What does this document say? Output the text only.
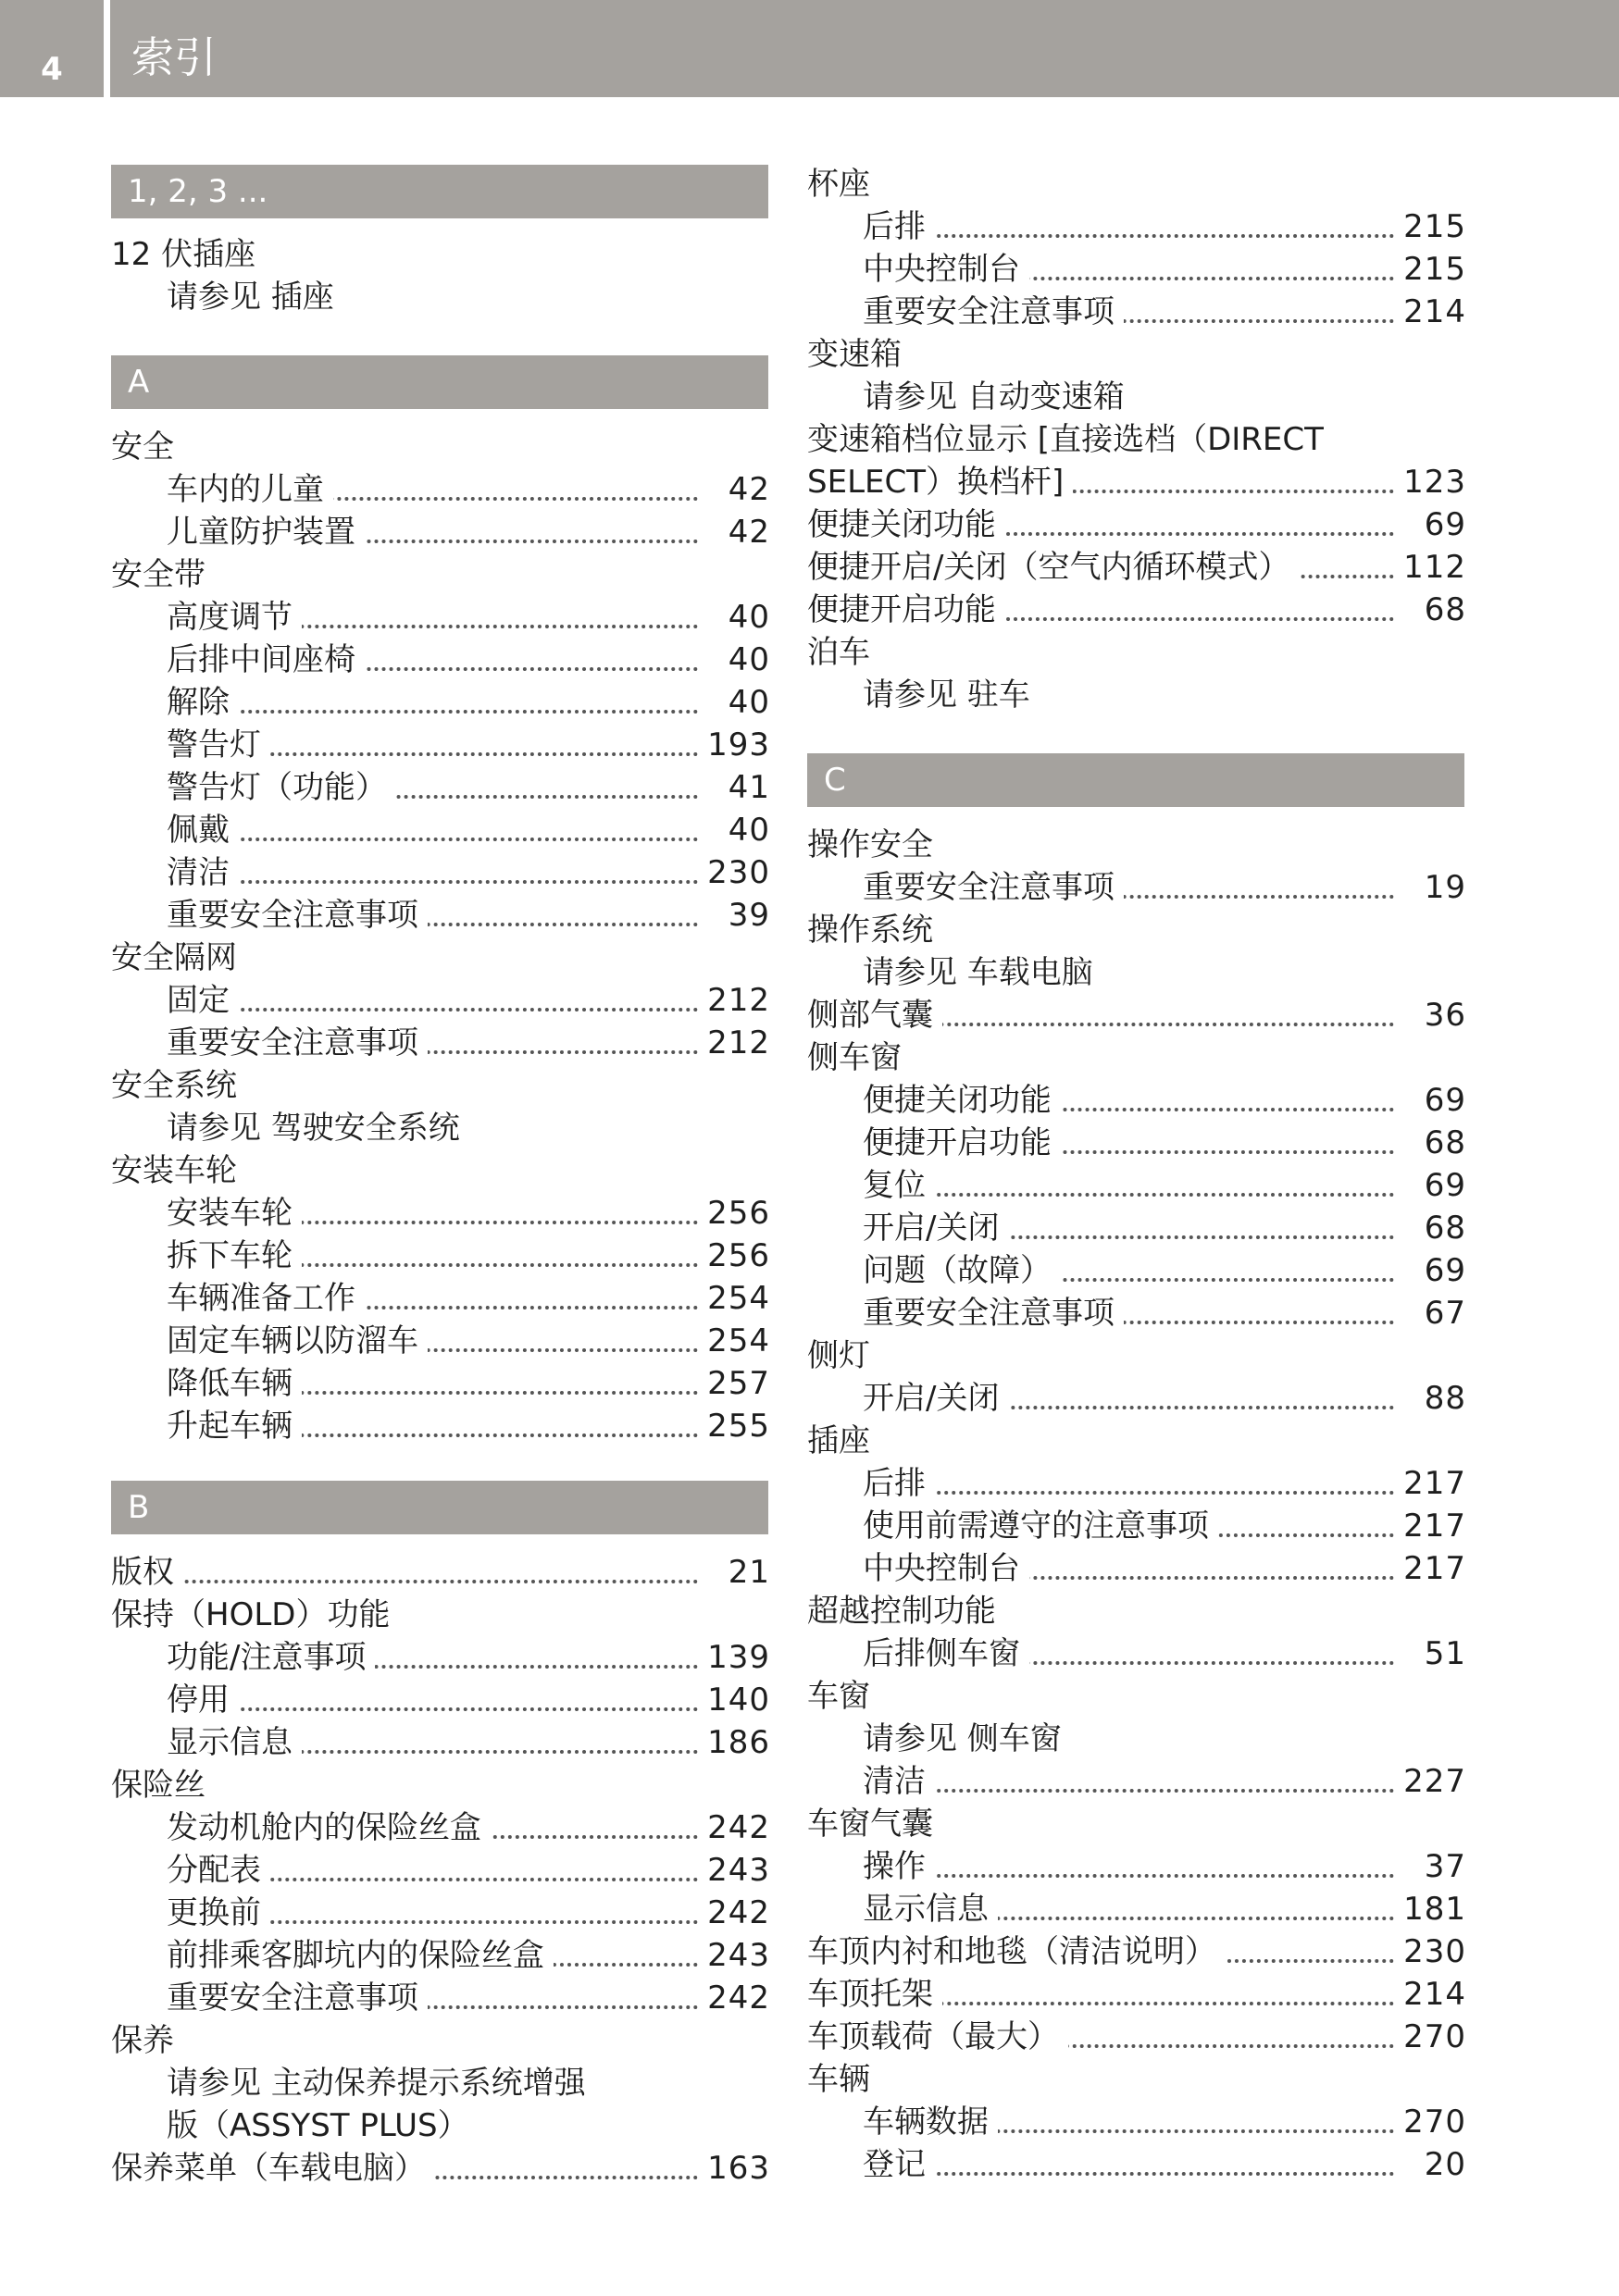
4	索引
1, 2, 3 ...
12 伏插座
请参见 插座
A
安全
42
车内的儿童
42
儿童防护装置
安全带
40
高度调节
40
后排中间座椅
40
解除
193
警告灯
41
警告灯（功能）
40
佩戴
230
清洁
39
重要安全注意事项
安全隔网
212
固定
212
重要安全注意事项
安全系统
请参见 驾驶安全系统
安装车轮
256
安装车轮
256
拆下车轮
254
车辆准备工作
254
固定车辆以防溜车
257
降低车辆
255
升起车辆
B
21
版权
保持（HOLD）功能
139
功能/注意事项
140
停用
186
显示信息
保险丝
242
发动机舱内的保险丝盒
243
分配表
242
更换前
243
前排乘客脚坑内的保险丝盒
242
重要安全注意事项
保养
请参见 主动保养提示系统增强
版（ASSYST PLUS）
163
保养菜单（车载电脑）
杯座
215
后排
215
中央控制台
214
重要安全注意事项
变速箱
请参见 自动变速箱
变速箱档位显示 [直接选档（DIRECT
123
SELECT）换档杆]
69
便捷关闭功能
112
便捷开启/关闭（空气内循环模式）
68
便捷开启功能
泊车
请参见 驻车
C
操作安全
19
重要安全注意事项
操作系统
请参见 车载电脑
36
侧部气囊
侧车窗
69
便捷关闭功能
68
便捷开启功能
69
复位
68
开启/关闭
69
问题（故障）
67
重要安全注意事项
侧灯
88
开启/关闭
插座
217
后排
217
使用前需遵守的注意事项
217
中央控制台
超越控制功能
51
后排侧车窗
车窗
请参见 侧车窗
227
清洁
车窗气囊
37
操作
181
显示信息
230
车顶内衬和地毯（清洁说明）
214
车顶托架
270
车顶载荷（最大）
车辆
270
车辆数据
20
登记
